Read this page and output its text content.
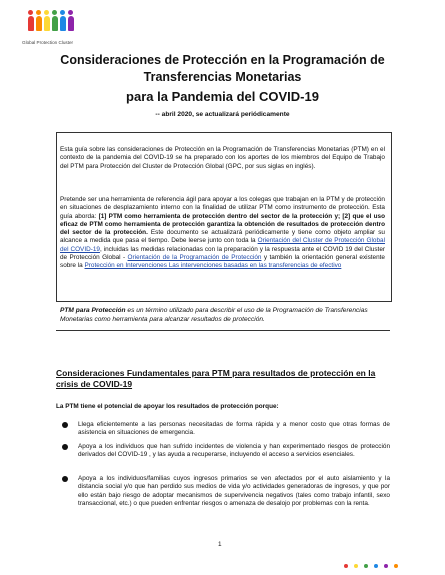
Global Protection Cluster
Consideraciones de Protección en la Programación de
Transferencias Monetarias
para la Pandemia del COVID-19
-- abril 2020, se actualizará periódicamente
Esta guía sobre las consideraciones de Protección en la Programación de Transferencias Monetarias (PTM) en el contexto de la pandemia del COVID-19 se ha preparado con los aportes de los miembros del Equipo de Trabajo del PTM para Protección del Cluster de Protección Global (GPC, por sus siglas en inglés).
Pretende ser una herramienta de referencia ágil para apoyar a los colegas que trabajan en la PTM y de protección en situaciones de desplazamiento interno con la finalidad de utilizar PTM como instrumento de protección. Esta guía aborda: [1] PTM como herramienta de protección dentro del sector de la protección y; [2] que el uso eficaz de PTM como herramienta de protección garantiza la obtención de resultados de protección dentro del sector de la protección. Este documento se actualizará periódicamente y tiene como objeto ampliar su alcance a medida que pasa el tiempo. Debe leerse junto con toda la Orientación del Cluster de Protección Global del COVID-19, incluidas las medidas relacionadas con la preparación y la respuesta ante el COVID 19 del Cluster de Protección Global - Orientación de la Programación de Protección y también la orientación general existente sobre la Protección en Intervenciones Las intervenciones basadas en las transferencias de efectivo
PTM para Protección es un término utilizado para describir el uso de la Programación de Transferencias Monetarias como herramienta para alcanzar resultados de protección.
Consideraciones Fundamentales para PTM para resultados de protección en la crisis de COVID-19
La PTM tiene el potencial de apoyar los resultados de protección porque:
Llega eficientemente a las personas necesitadas de forma rápida y a menor costo que otras formas de asistencia en situaciones de emergencia.
Apoya a los individuos que han sufrido incidentes de violencia y han experimentado riesgos de protección derivados del COVID-19 , y las ayuda a recuperarse, incluyendo el acceso a servicios esenciales.
Apoya a los individuos/familias cuyos ingresos primarios se ven afectados por el auto aislamiento y la distancia social y/o que han perdido sus medios de vida y/o actividades generadoras de ingresos, y que por ello están bajo riesgo de adoptar mecanismos de supervivencia negativos (tales como trabajo infantil, sexo transaccional, etc.) o que pueden enfrentar riesgos o amenaza de desalojo por problemas con la renta.
1
